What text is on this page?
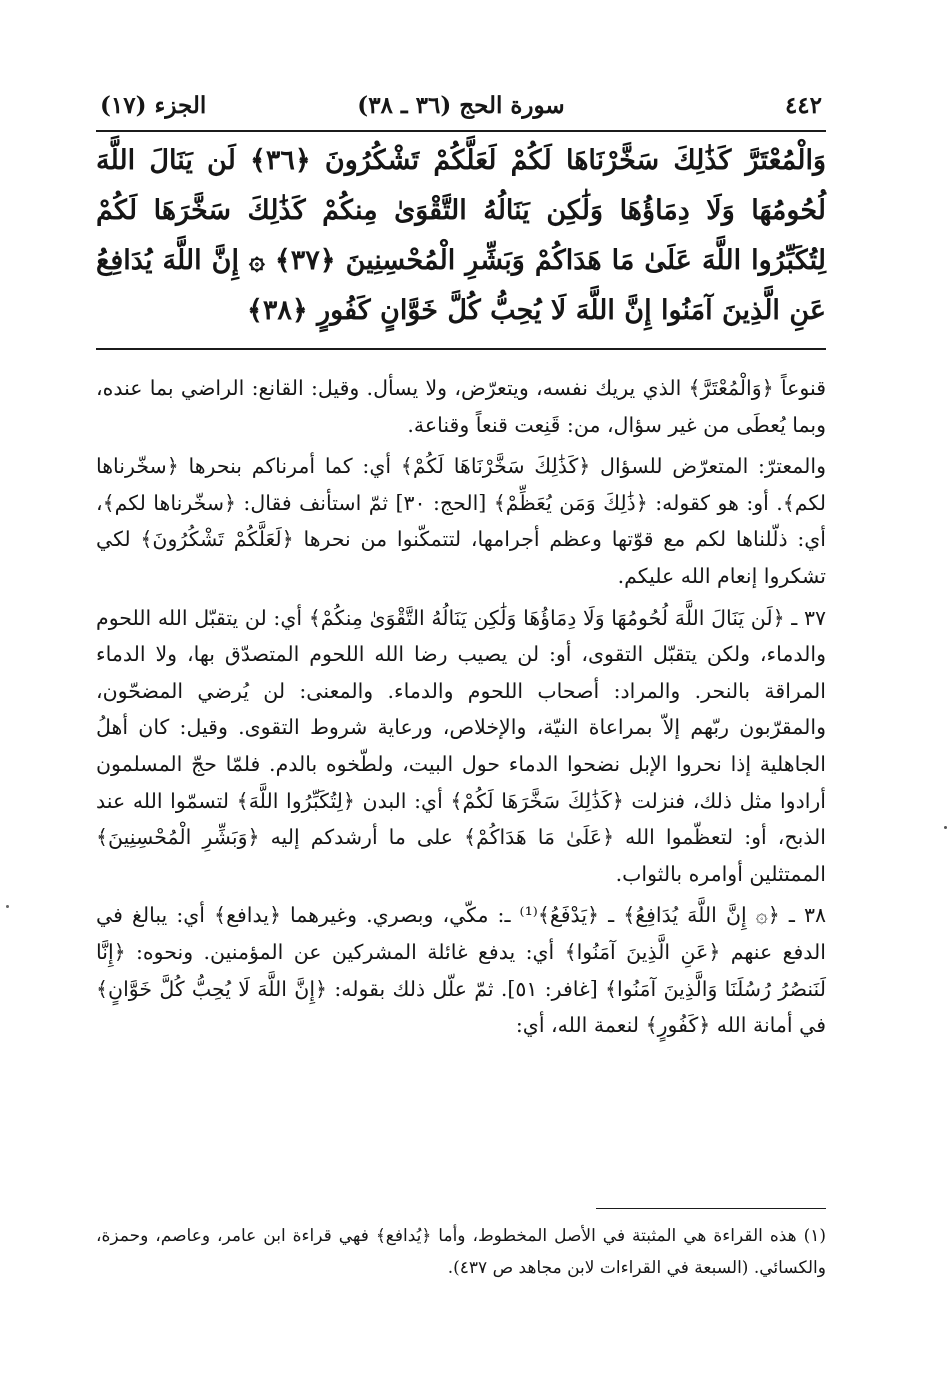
٤٤٢
سورة الحج (٣٦ ـ ٣٨)
الجزء (١٧)
وَالْمُعْتَرَّ كَذَٰلِكَ سَخَّرْنَاهَا لَكُمْ لَعَلَّكُمْ تَشْكُرُونَ ﴿٣٦﴾ لَن يَنَالَ اللَّهَ لُحُومُهَا وَلَا دِمَاؤُهَا وَلَٰكِن يَنَالُهُ التَّقْوَىٰ مِنكُمْ كَذَٰلِكَ سَخَّرَهَا لَكُمْ لِتُكَبِّرُوا اللَّهَ عَلَىٰ مَا هَدَاكُمْ وَبَشِّرِ الْمُحْسِنِينَ ﴿٣٧﴾ ۞ إِنَّ اللَّهَ يُدَافِعُ عَنِ الَّذِينَ آمَنُوا إِنَّ اللَّهَ لَا يُحِبُّ كُلَّ خَوَّانٍ كَفُورٍ ﴿٣٨﴾

قنوعاً ﴿وَالْمُعْتَرَّ﴾ الذي يريك نفسه، ويتعرّض، ولا يسأل. وقيل: القانع: الراضي بما عنده، وبما يُعطَى من غير سؤال، من: قَنِعت قنعاً وقناعة.

والمعترّ: المتعرّض للسؤال ﴿كَذَٰلِكَ سَخَّرْنَاهَا لَكُمْ﴾ أي: كما أمرناكم بنحرها ﴿سخّرناها لكم﴾. أو: هو كقوله: ﴿ذَٰلِكَ وَمَن يُعَظِّمْ﴾ [الحج: ٣٠] ثمّ استأنف فقال: ﴿سخّرناها لكم﴾، أي: ذلّلناها لكم مع قوّتها وعظم أجرامها، لتتمكّنوا من نحرها ﴿لَعَلَّكُمْ تَشْكُرُونَ﴾ لكي تشكروا إنعام الله عليكم.

٣٧ ـ ﴿لَن يَنَالَ اللَّهَ لُحُومُهَا وَلَا دِمَاؤُهَا وَلَٰكِن يَنَالُهُ التَّقْوَىٰ مِنكُمْ﴾ أي: لن يتقبّل الله اللحوم والدماء، ولكن يتقبّل التقوى، أو: لن يصيب رضا الله اللحوم المتصدّق بها، ولا الدماء المراقة بالنحر. والمراد: أصحاب اللحوم والدماء. والمعنى: لن يُرضي المضحّون، والمقرّبون ربّهم إلاّ بمراعاة النيّة، والإخلاص، ورعاية شروط التقوى. وقيل: كان أهلُ الجاهلية إذا نحروا الإبل نضحوا الدماء حول البيت، ولطّخوه بالدم. فلمّا حجّ المسلمون أرادوا مثل ذلك، فنزلت ﴿كَذَٰلِكَ سَخَّرَهَا لَكُمْ﴾ أي: البدن ﴿لِتُكَبِّرُوا اللَّهَ﴾ لتسمّوا الله عند الذبح، أو: لتعظّموا الله ﴿عَلَىٰ مَا هَدَاكُمْ﴾ على ما أرشدكم إليه ﴿وَبَشِّرِ الْمُحْسِنِينَ﴾ الممتثلين أوامره بالثواب.

٣٨ ـ ﴿۞ إِنَّ اللَّهَ يُدَافِعُ﴾ ـ ﴿يَدْفَعُ﴾⁽¹⁾ ـ: مكّي، وبصري. وغيرهما ﴿يدافع﴾ أي: يبالغ في الدفع عنهم ﴿عَنِ الَّذِينَ آمَنُوا﴾ أي: يدفع غائلة المشركين عن المؤمنين. ونحوه: ﴿إِنَّا لَنَنصُرُ رُسُلَنَا وَالَّذِينَ آمَنُوا﴾ [غافر: ٥١]. ثمّ علّل ذلك بقوله: ﴿إِنَّ اللَّهَ لَا يُحِبُّ كُلَّ خَوَّانٍ﴾ في أمانة الله ﴿كَفُورٍ﴾ لنعمة الله، أي:

(١) هذه القراءة هي المثبتة في الأصل المخطوط، وأما ﴿يُدافع﴾ فهي قراءة ابن عامر، وعاصم، وحمزة، والكسائي. (السبعة في القراءات لابن مجاهد ص ٤٣٧).
